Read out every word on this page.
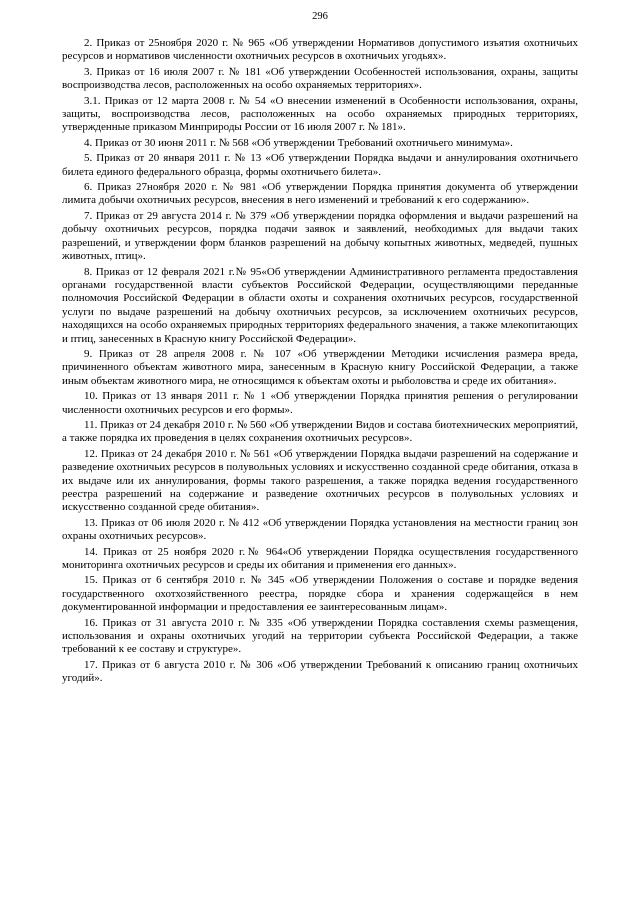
296

2. Приказ от 25ноября 2020 г. № 965 «Об утверждении Нормативов допустимого изъятия охотничьих ресурсов и нормативов численности охотничьих ресурсов в охотничьих угодьях».

3. Приказ от 16 июля 2007 г. № 181 «Об утверждении Особенностей использования, охраны, защиты воспроизводства лесов, расположенных на особо охраняемых территориях».

3.1. Приказ от 12 марта 2008 г. № 54 «О внесении изменений в Особенности использования, охраны, защиты, воспроизводства лесов, расположенных на особо охраняемых природных территориях, утвержденные приказом Минприроды России от 16 июля 2007 г. № 181».

4. Приказ от 30 июня 2011 г. № 568 «Об утверждении Требований охотничьего минимума».

5. Приказ от 20 января 2011 г. № 13 «Об утверждении Порядка выдачи и аннулирования охотничьего билета единого федерального образца, формы охотничьего билета».

6. Приказ 27ноября 2020 г. № 981 «Об утверждении Порядка принятия документа об утверждении лимита добычи охотничьих ресурсов, внесения в него изменений и требований к его содержанию».

7. Приказ от 29 августа 2014 г. № 379 «Об утверждении порядка оформления и выдачи разрешений на добычу охотничьих ресурсов, порядка подачи заявок и заявлений, необходимых для выдачи таких разрешений, и утверждении форм бланков разрешений на добычу копытных животных, медведей, пушных животных, птиц».

8. Приказ от 12 февраля 2021 г.№ 95«Об утверждении Административного регламента предоставления органами государственной власти субъектов Российской Федерации, осуществляющими переданные полномочия Российской Федерации в области охоты и сохранения охотничьих ресурсов, государственной услуги по выдаче разрешений на добычу охотничьих ресурсов, за исключением охотничьих ресурсов, находящихся на особо охраняемых природных территориях федерального значения, а также млекопитающих и птиц, занесенных в Красную книгу Российской Федерации».

9. Приказ от 28 апреля 2008 г. № 107 «Об утверждении Методики исчисления размера вреда, причиненного объектам животного мира, занесенным в Красную книгу Российской Федерации, а также иным объектам животного мира, не относящимся к объектам охоты и рыболовства и среде их обитания».

10. Приказ от 13 января 2011 г. № 1 «Об утверждении Порядка принятия решения о регулировании численности охотничьих ресурсов и его формы».

11. Приказ от 24 декабря 2010 г. № 560 «Об утверждении Видов и состава биотехнических мероприятий, а также порядка их проведения в целях сохранения охотничьих ресурсов».

12. Приказ от 24 декабря 2010 г. № 561 «Об утверждении Порядка выдачи разрешений на содержание и разведение охотничьих ресурсов в полувольных условиях и искусственно созданной среде обитания, отказа в их выдаче или их аннулирования, формы такого разрешения, а также порядка ведения государственного реестра разрешений на содержание и разведение охотничьих ресурсов в полувольных условиях и искусственно созданной среде обитания».

13. Приказ от 06 июля 2020 г. № 412 «Об утверждении Порядка установления на местности границ зон охраны охотничьих ресурсов».

14. Приказ от 25 ноября 2020 г.№ 964«Об утверждении Порядка осуществления государственного мониторинга охотничьих ресурсов и среды их обитания и применения его данных».

15. Приказ от 6 сентября 2010 г. № 345 «Об утверждении Положения о составе и порядке ведения государственного охотхозяйственного реестра, порядке сбора и хранения содержащейся в нем документированной информации и предоставления ее заинтересованным лицам».

16. Приказ от 31 августа 2010 г. № 335 «Об утверждении Порядка составления схемы размещения, использования и охраны охотничьих угодий на территории субъекта Российской Федерации, а также требований к ее составу и структуре».

17. Приказ от 6 августа 2010 г. № 306 «Об утверждении Требований к описанию границ охотничьих угодий».
